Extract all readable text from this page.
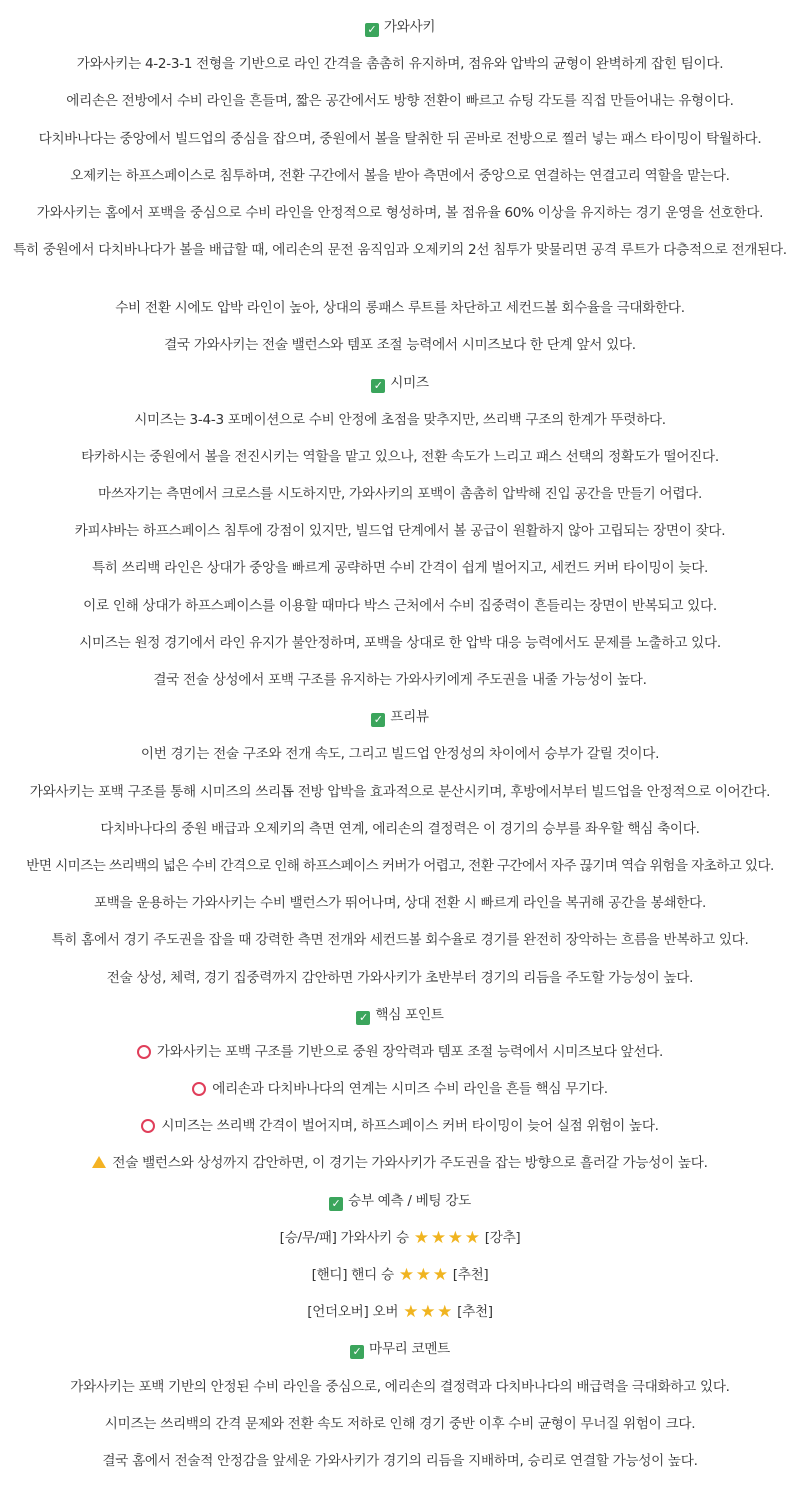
✓ 가와사키
가와사키는 4-2-3-1 전형을 기반으로 라인 간격을 촘촘히 유지하며, 점유와 압박의 균형이 완벽하게 잡힌 팀이다.
에리손은 전방에서 수비 라인을 흔들며, 짧은 공간에서도 방향 전환이 빠르고 슈팅 각도를 직접 만들어내는 유형이다.
다치바나다는 중앙에서 빌드업의 중심을 잡으며, 중원에서 볼을 탈취한 뒤 곧바로 전방으로 찔러 넣는 패스 타이밍이 탁월하다.
오제키는 하프스페이스로 침투하며, 전환 구간에서 볼을 받아 측면에서 중앙으로 연결하는 연결고리 역할을 맡는다.
가와사키는 홈에서 포백을 중심으로 수비 라인을 안정적으로 형성하며, 볼 점유율 60% 이상을 유지하는 경기 운영을 선호한다.
특히 중원에서 다치바나다가 볼을 배급할 때, 에리손의 문전 움직임과 오제키의 2선 침투가 맞물리면 공격 루트가 다층적으로 전개된다.
수비 전환 시에도 압박 라인이 높아, 상대의 롱패스 루트를 차단하고 세컨드볼 회수율을 극대화한다.
결국 가와사키는 전술 밸런스와 템포 조절 능력에서 시미즈보다 한 단계 앞서 있다.
✓ 시미즈
시미즈는 3-4-3 포메이션으로 수비 안정에 초점을 맞추지만, 쓰리백 구조의 한계가 뚜렷하다.
타카하시는 중원에서 볼을 전진시키는 역할을 맡고 있으나, 전환 속도가 느리고 패스 선택의 정확도가 떨어진다.
마쓰자기는 측면에서 크로스를 시도하지만, 가와사키의 포백이 촘촘히 압박해 진입 공간을 만들기 어렵다.
카피샤바는 하프스페이스 침투에 강점이 있지만, 빌드업 단계에서 볼 공급이 원활하지 않아 고립되는 장면이 잦다.
특히 쓰리백 라인은 상대가 중앙을 빠르게 공략하면 수비 간격이 쉽게 벌어지고, 세컨드 커버 타이밍이 늦다.
이로 인해 상대가 하프스페이스를 이용할 때마다 박스 근처에서 수비 집중력이 흔들리는 장면이 반복되고 있다.
시미즈는 원정 경기에서 라인 유지가 불안정하며, 포백을 상대로 한 압박 대응 능력에서도 문제를 노출하고 있다.
결국 전술 상성에서 포백 구조를 유지하는 가와사키에게 주도권을 내줄 가능성이 높다.
✓ 프리뷰
이번 경기는 전술 구조와 전개 속도, 그리고 빌드업 안정성의 차이에서 승부가 갈릴 것이다.
가와사키는 포백 구조를 통해 시미즈의 쓰리톱 전방 압박을 효과적으로 분산시키며, 후방에서부터 빌드업을 안정적으로 이어간다.
다치바나다의 중원 배급과 오제키의 측면 연계, 에리손의 결정력은 이 경기의 승부를 좌우할 핵심 축이다.
반면 시미즈는 쓰리백의 넓은 수비 간격으로 인해 하프스페이스 커버가 어렵고, 전환 구간에서 자주 끊기며 역습 위험을 자초하고 있다.
포백을 운용하는 가와사키는 수비 밸런스가 뛰어나며, 상대 전환 시 빠르게 라인을 복귀해 공간을 봉쇄한다.
특히 홈에서 경기 주도권을 잡을 때 강력한 측면 전개와 세컨드볼 회수율로 경기를 완전히 장악하는 흐름을 반복하고 있다.
전술 상성, 체력, 경기 집중력까지 감안하면 가와사키가 초반부터 경기의 리듬을 주도할 가능성이 높다.
✓ 핵심 포인트
가와사키는 포백 구조를 기반으로 중원 장악력과 템포 조절 능력에서 시미즈보다 앞선다.
에리손과 다치바나다의 연계는 시미즈 수비 라인을 흔들 핵심 무기다.
시미즈는 쓰리백 간격이 벌어지며, 하프스페이스 커버 타이밍이 늦어 실점 위험이 높다.
전술 밸런스와 상성까지 감안하면, 이 경기는 가와사키가 주도권을 잡는 방향으로 흘러갈 가능성이 높다.
✓ 승부 예측 / 베팅 강도
[승/무/패] 가와사키 승 ★ ★ ★ ★ [강추]
[핸디] 핸디 승 ★ ★ ★ [추천]
[언더오버] 오버 ★ ★ ★ [추천]
✓ 마무리 코멘트
가와사키는 포백 기반의 안정된 수비 라인을 중심으로, 에리손의 결정력과 다치바나다의 배급력을 극대화하고 있다.
시미즈는 쓰리백의 간격 문제와 전환 속도 저하로 인해 경기 중반 이후 수비 균형이 무너질 위험이 크다.
결국 홈에서 전술적 안정감을 앞세운 가와사키가 경기의 리듬을 지배하며, 승리로 연결할 가능성이 높다.
